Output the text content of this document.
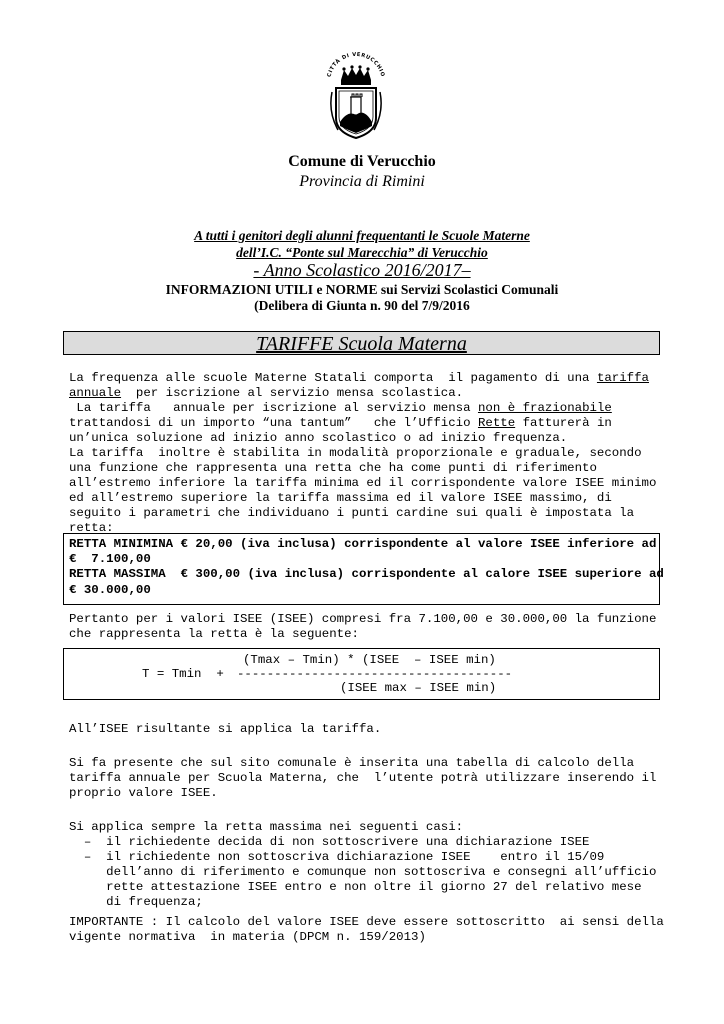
CITTÀ DI VERUCCHIO
Comune di Verucchio
Provincia di Rimini
A tutti i genitori degli alunni frequentanti le Scuole Materne
dell’I.C. “Ponte sul Marecchia” di Verucchio
- Anno Scolastico 2016/2017–
INFORMAZIONI UTILI e NORME sui Servizi Scolastici Comunali
(Delibera di Giunta n. 90 del 7/9/2016
TARIFFE Scuola Materna
La frequenza alle scuole Materne Statali comporta  il pagamento di una tariffa
annuale  per iscrizione al servizio mensa scolastica.
La tariffa   annuale per iscrizione al servizio mensa non è frazionabile
trattandosi di un importo “una tantum”   che l’Ufficio Rette fatturerà in
un’unica soluzione ad inizio anno scolastico o ad inizio frequenza.
La tariffa  inoltre è stabilita in modalità proporzionale e graduale, secondo
una funzione che rappresenta una retta che ha come punti di riferimento
all’estremo inferiore la tariffa minima ed il corrispondente valore ISEE minimo
ed all’estremo superiore la tariffa massima ed il valore ISEE massimo, di
seguito i parametri che individuano i punti cardine sui quali è impostata la
retta:
RETTA MINIMINA € 20,00 (iva inclusa) corrispondente al valore ISEE inferiore ad
€  7.100,00
RETTA MASSIMA  € 300,00 (iva inclusa) corrispondente al calore ISEE superiore ad
€ 30.000,00
Pertanto per i valori ISEE (ISEE) compresi fra 7.100,00 e 30.000,00 la funzione
che rappresenta la retta è la seguente:
(Tmax – Tmin) * (ISEE  – ISEE min)
T = Tmin  +
-------------------------------------
(ISEE max – ISEE min)
All’ISEE risultante si applica la tariffa.
Si fa presente che sul sito comunale è inserita una tabella di calcolo della
tariffa annuale per Scuola Materna, che  l’utente potrà utilizzare inserendo il
proprio valore ISEE.
Si applica sempre la retta massima nei seguenti casi:
–  il richiedente decida di non sottoscrivere una dichiarazione ISEE
–  il richiedente non sottoscriva dichiarazione ISEE    entro il 15/09
dell’anno di riferimento e comunque non sottoscriva e consegni all’ufficio
rette attestazione ISEE entro e non oltre il giorno 27 del relativo mese
di frequenza;
IMPORTANTE : Il calcolo del valore ISEE deve essere sottoscritto  ai sensi della
vigente normativa  in materia (DPCM n. 159/2013)
